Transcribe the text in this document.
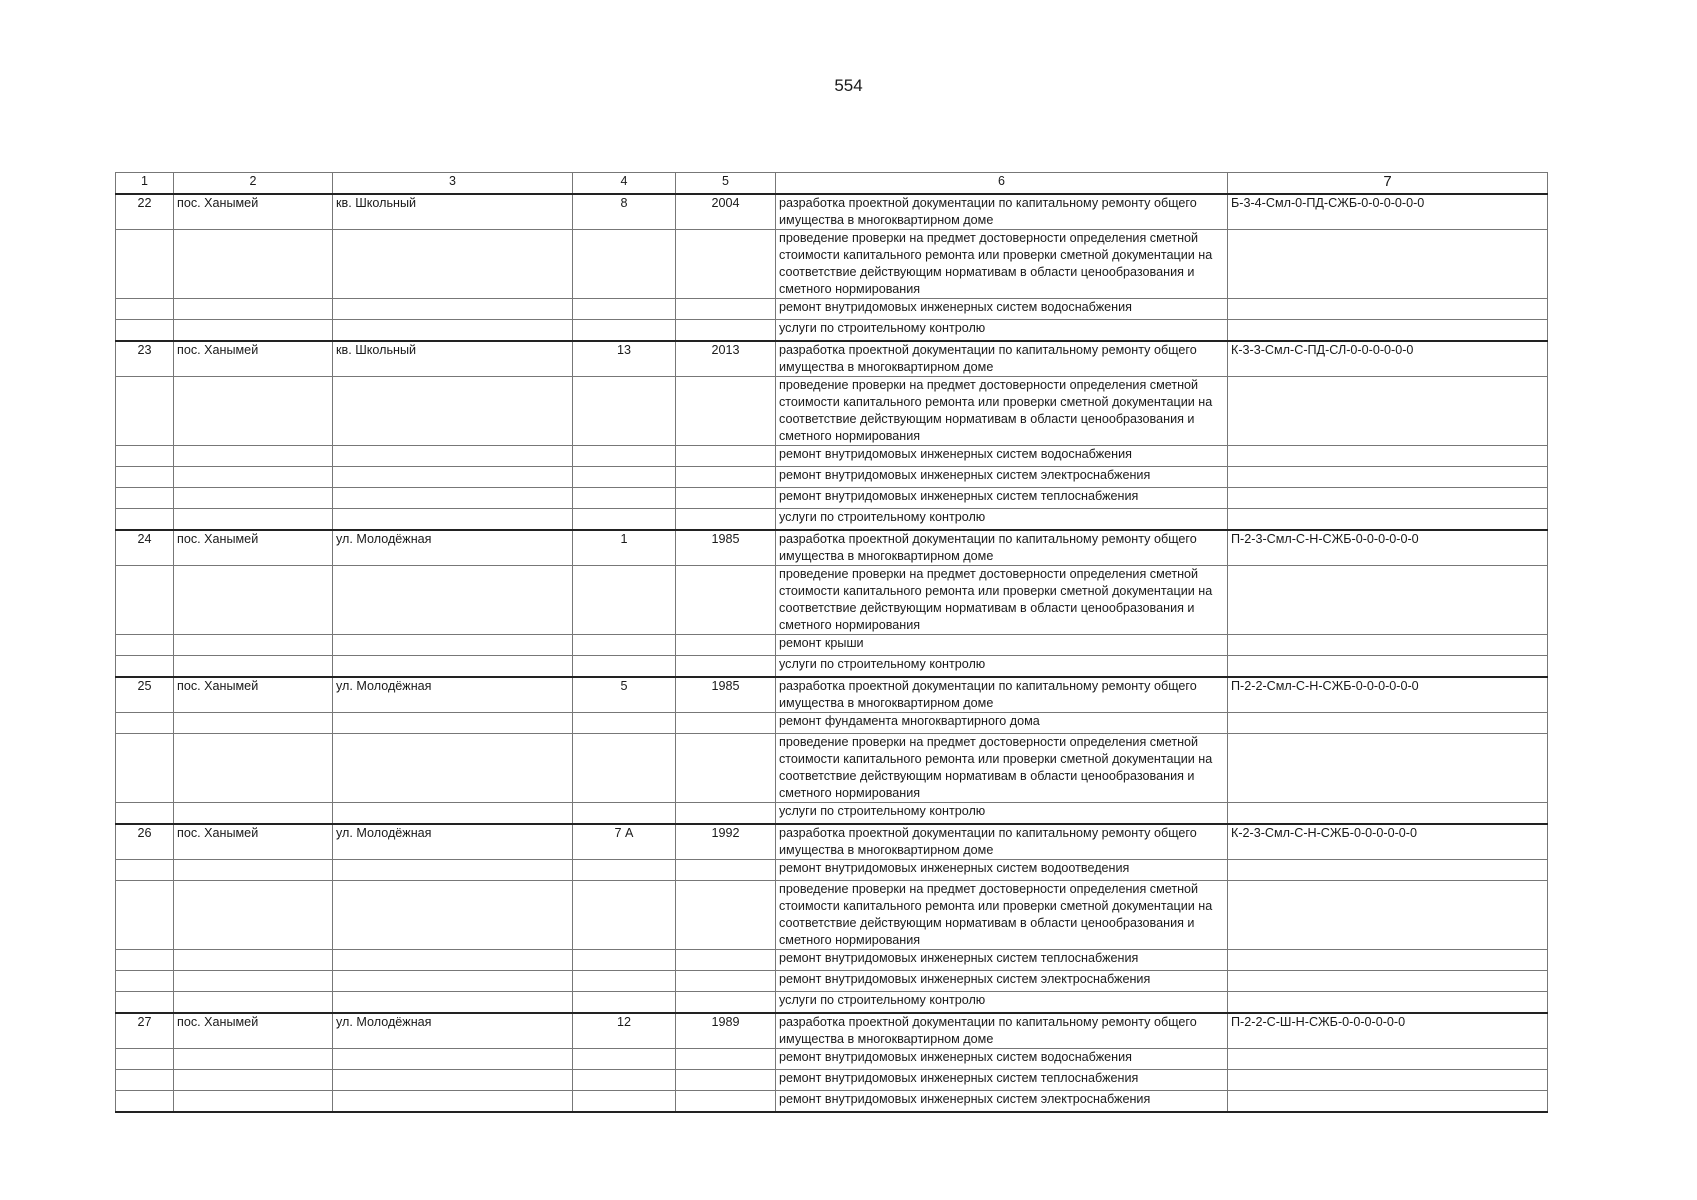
554
1	2	3	4	5	6	7
22	пос. Ханымей	кв. Школьный	8	2004	разработка проектной документации по капитальному ремонту общего имущества в многоквартирном доме	Б-3-4-Смл-0-ПД-СЖБ-0-0-0-0-0-0
					проведение проверки на предмет достоверности определения сметной стоимости капитального ремонта или проверки сметной документации на соответствие действующим нормативам в области ценообразования и сметного нормирования	
					ремонт внутридомовых инженерных систем водоснабжения	
					услуги по строительному контролю	
23	пос. Ханымей	кв. Школьный	13	2013	разработка проектной документации по капитальному ремонту общего имущества в многоквартирном доме	К-3-3-Смл-С-ПД-СЛ-0-0-0-0-0-0
					проведение проверки на предмет достоверности определения сметной стоимости капитального ремонта или проверки сметной документации на соответствие действующим нормативам в области ценообразования и сметного нормирования	
					ремонт внутридомовых инженерных систем водоснабжения	
					ремонт внутридомовых инженерных систем электроснабжения	
					ремонт внутридомовых инженерных систем теплоснабжения	
					услуги по строительному контролю	
24	пос. Ханымей	ул. Молодёжная	1	1985	разработка проектной документации по капитальному ремонту общего имущества в многоквартирном доме	П-2-3-Смл-С-Н-СЖБ-0-0-0-0-0-0
					проведение проверки на предмет достоверности определения сметной стоимости капитального ремонта или проверки сметной документации на соответствие действующим нормативам в области ценообразования и сметного нормирования	
					ремонт крыши	
					услуги по строительному контролю	
25	пос. Ханымей	ул. Молодёжная	5	1985	разработка проектной документации по капитальному ремонту общего имущества в многоквартирном доме	П-2-2-Смл-С-Н-СЖБ-0-0-0-0-0-0
					ремонт фундамента многоквартирного дома	
					проведение проверки на предмет достоверности определения сметной стоимости капитального ремонта или проверки сметной документации на соответствие действующим нормативам в области ценообразования и сметного нормирования	
					услуги по строительному контролю	
26	пос. Ханымей	ул. Молодёжная	7 А	1992	разработка проектной документации по капитальному ремонту общего имущества в многоквартирном доме	К-2-3-Смл-С-Н-СЖБ-0-0-0-0-0-0
					ремонт внутридомовых инженерных систем водоотведения	
					проведение проверки на предмет достоверности определения сметной стоимости капитального ремонта или проверки сметной документации на соответствие действующим нормативам в области ценообразования и сметного нормирования	
					ремонт внутридомовых инженерных систем теплоснабжения	
					ремонт внутридомовых инженерных систем электроснабжения	
					услуги по строительному контролю	
27	пос. Ханымей	ул. Молодёжная	12	1989	разработка проектной документации по капитальному ремонту общего имущества в многоквартирном доме	П-2-2-С-Ш-Н-СЖБ-0-0-0-0-0-0
					ремонт внутридомовых инженерных систем водоснабжения	
					ремонт внутридомовых инженерных систем теплоснабжения	
					ремонт внутридомовых инженерных систем электроснабжения	
